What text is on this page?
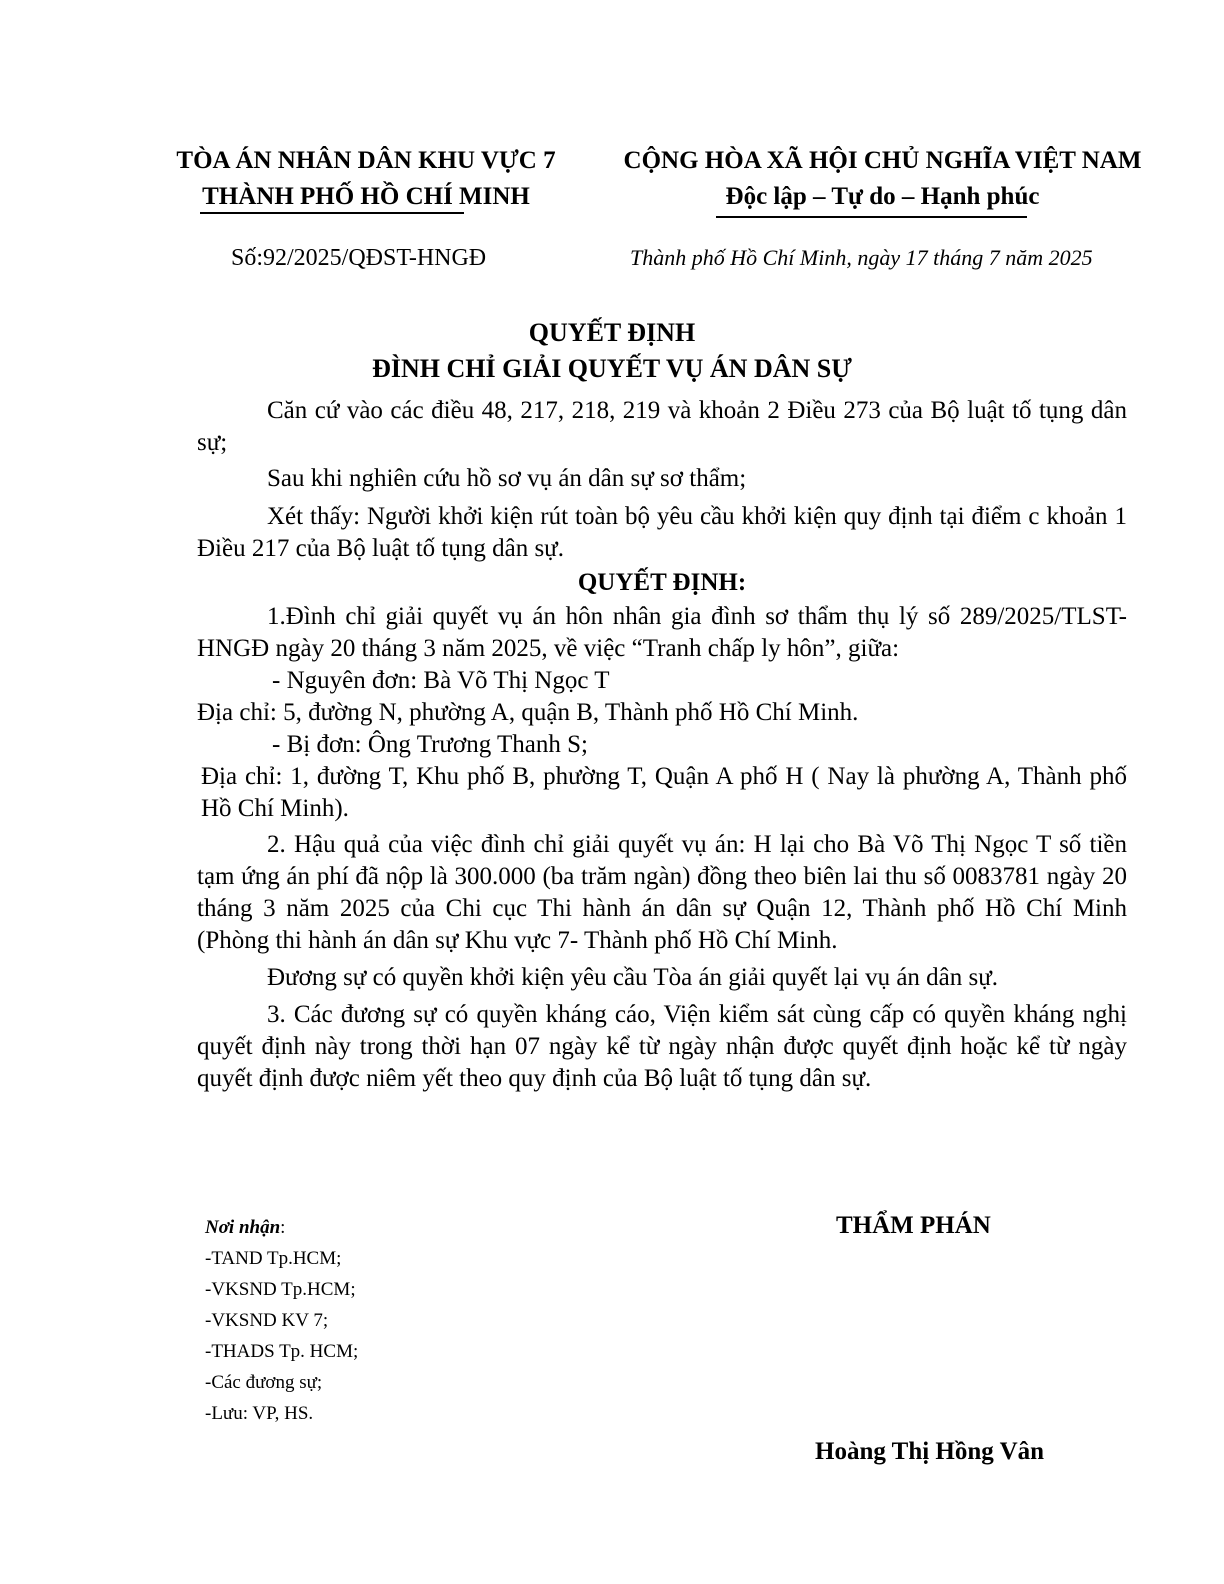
TÒA ÁN NHÂN DÂN KHU VỰC 7
THÀNH PHỐ HỒ CHÍ MINH
CỘNG HÒA XÃ HỘI CHỦ NGHĨA VIỆT NAM
Độc lập – Tự do – Hạnh phúc
Số:92/2025/QĐST-HNGĐ	Thành phố Hồ Chí Minh, ngày 17 tháng 7 năm 2025
QUYẾT ĐỊNH
ĐÌNH CHỈ GIẢI QUYẾT VỤ ÁN DÂN SỰ

Căn cứ vào các điều 48, 217, 218, 219 và khoản 2 Điều 273 của Bộ luật tố tụng dân sự;

Sau khi nghiên cứu hồ sơ vụ án dân sự sơ thẩm;

Xét thấy: Người khởi kiện rút toàn bộ yêu cầu khởi kiện quy định tại điểm c khoản 1 Điều 217 của Bộ luật tố tụng dân sự.

QUYẾT ĐỊNH:

1.Đình chỉ giải quyết vụ án hôn nhân gia đình sơ thẩm thụ lý số 289/2025/TLST-HNGĐ ngày 20 tháng 3 năm 2025, về việc “Tranh chấp ly hôn”, giữa:

- Nguyên đơn: Bà Võ Thị Ngọc T

Địa chỉ: 5, đường N, phường A, quận B, Thành phố Hồ Chí Minh.

- Bị đơn: Ông Trương Thanh S;

Địa chỉ: 1, đường T, Khu phố B, phường T, Quận A phố H ( Nay là phường A, Thành phố Hồ Chí Minh).

2. Hậu quả của việc đình chỉ giải quyết vụ án: H lại cho Bà Võ Thị Ngọc T số tiền tạm ứng án phí đã nộp là 300.000 (ba trăm ngàn) đồng theo biên lai thu số 0083781 ngày 20 tháng 3 năm 2025 của Chi cục Thi hành án dân sự Quận 12, Thành phố Hồ Chí Minh (Phòng thi hành án dân sự Khu vực 7- Thành phố Hồ Chí Minh.

Đương sự có quyền khởi kiện yêu cầu Tòa án giải quyết lại vụ án dân sự.

3. Các đương sự có quyền kháng cáo, Viện kiểm sát cùng cấp có quyền kháng nghị quyết định này trong thời hạn 07 ngày kể từ ngày nhận được quyết định hoặc kể từ ngày quyết định được niêm yết theo quy định của Bộ luật tố tụng dân sự.

Nơi nhận:
-TAND Tp.HCM;
-VKSND Tp.HCM;
-VKSND KV 7;
-THADS Tp. HCM;
-Các đương sự;
-Lưu: VP, HS.
THẨM PHÁN
Hoàng Thị Hồng Vân
